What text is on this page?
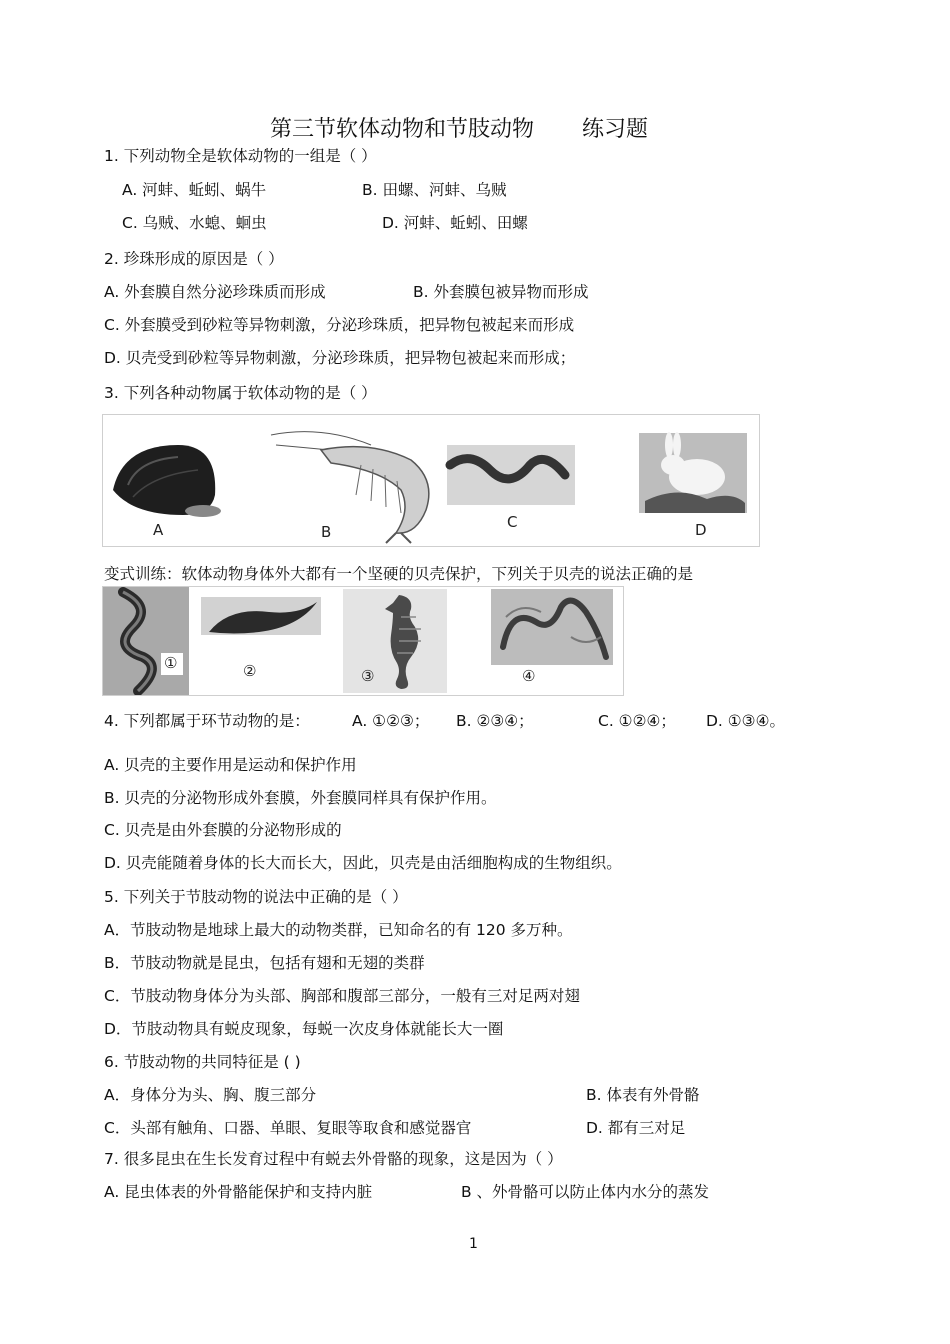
第三节软体动物和节肢动物 练习题
1. 下列动物全是软体动物的一组是（ ）
A. 河蚌、蚯蚓、蜗牛	B. 田螺、河蚌、乌贼
C. 乌贼、水螅、蛔虫	D. 河蚌、蚯蚓、田螺
2. 珍珠形成的原因是（ ）
A. 外套膜自然分泌珍珠质而形成	B. 外套膜包被异物而形成
C. 外套膜受到砂粒等异物刺激，分泌珍珠质，把异物包被起来而形成
D. 贝壳受到砂粒等异物刺激，分泌珍珠质，把异物包被起来而形成；
3. 下列各种动物属于软体动物的是（ ）
A	B
C	D
变式训练：软体动物身体外大都有一个坚硬的贝壳保护，下列关于贝壳的说法正确的是
①	②	③	④
4. 下列都属于环节动物的是：	A. ①②③； B. ②③④；	C. ①②④； D. ①③④。
A. 贝壳的主要作用是运动和保护作用
B. 贝壳的分泌物形成外套膜，外套膜同样具有保护作用。
C. 贝壳是由外套膜的分泌物形成的
D. 贝壳能随着身体的长大而长大，因此，贝壳是由活细胞构成的生物组织。
5. 下列关于节肢动物的说法中正确的是（ ）
A．节肢动物是地球上最大的动物类群，已知命名的有 120 多万种。
B．节肢动物就是昆虫，包括有翅和无翅的类群
C．节肢动物身体分为头部、胸部和腹部三部分，一般有三对足两对翅
D．节肢动物具有蜕皮现象，每蜕一次皮身体就能长大一圈
6. 节肢动物的共同特征是 ( )
A．身体分为头、胸、腹三部分	B. 体表有外骨骼
C．头部有触角、口器、单眼、复眼等取食和感觉器官	D. 都有三对足
7. 很多昆虫在生长发育过程中有蜕去外骨骼的现象，这是因为（ ）
A. 昆虫体表的外骨骼能保护和支持内脏	B 、外骨骼可以防止体内水分的蒸发
1
